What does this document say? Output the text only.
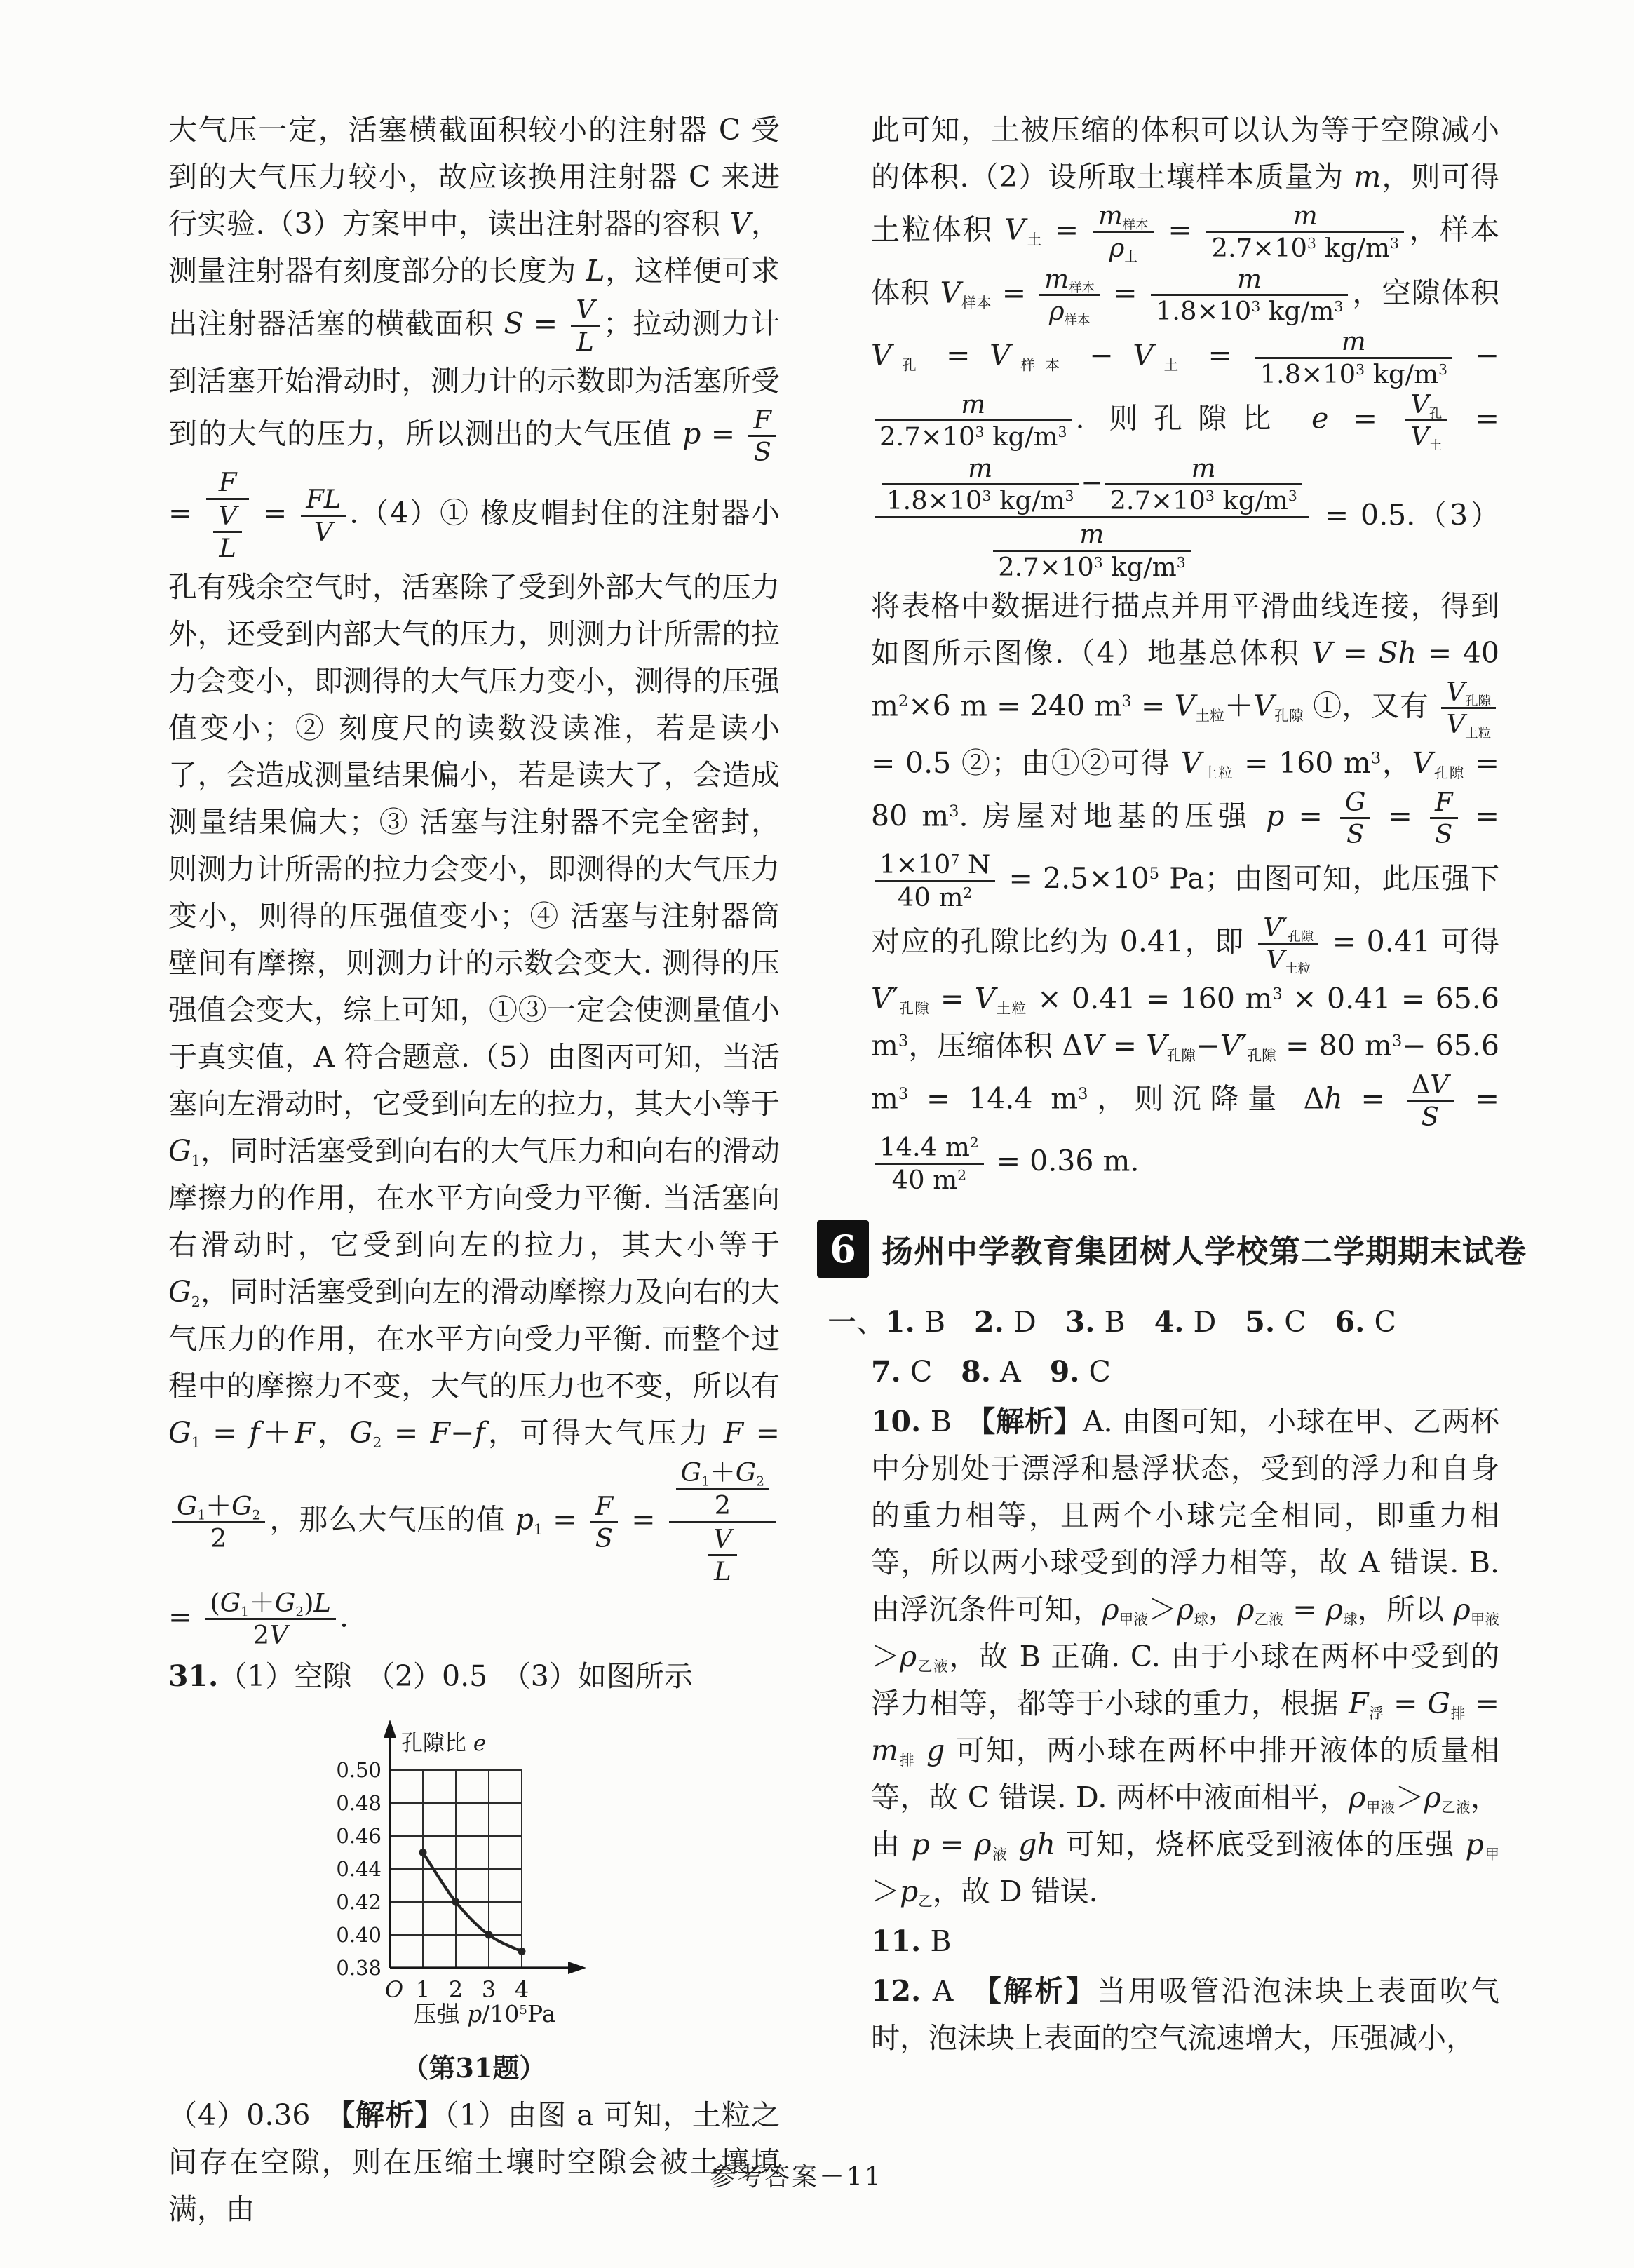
大气压一定，活塞横截面积较小的注射器 C 受到的大气压力较小，故应该换用注射器 C 来进行实验.（3）方案甲中，读出注射器的容积 V，测量注射器有刻度部分的长度为 L，这样便可求出注射器活塞的横截面积 $S = \frac{V}{L}$ ；拉动测力计到活塞开始滑动时，测力计的示数即为活塞所受到的大气的压力，所以测出的大气压值 $p = \frac{F}{S}$
= $\frac{F}{\frac{V}{L}} = \frac{FL}{V}$ .（4）① 橡皮帽封住的注射器小孔有残余空气时，活塞除了受到外部大气的压力外，还受到内部大气的压力，则测力计所需的拉力会变小，即测得的大气压力变小，测得的压强值变小；② 刻度尺的读数没读准，若是读小了，会造成测量结果偏小，若是读大了，会造成测量结果偏大；③ 活塞与注射器不完全密封，则测力计所需的拉力会变小，即测得的大气压力变小，则得的压强值变小；④ 活塞与注射器筒壁间有摩擦，则测力计的示数会变大. 测得的压强值会变大，综上可知，①③一定会使测量值小于真实值，A 符合题意.（5）由图丙可知，当活塞向左滑动时，它受到向左的拉力，其大小等于 $G_1$，同时活塞受到向右的大气压力和向右的滑动摩擦力的作用，在水平方向受力平衡. 当活塞向右滑动时，它受到向左的拉力，其大小等于 $G_2$，同时活塞受到向左的滑动摩擦力及向右的大气压力的作用，在水平方向受力平衡. 而整个过程中的摩擦力不变，大气的压力也不变，所以有 $G_1 = f+F$，$G_2 = F-f$，可得大气压力 F =
$\frac{G_1+G_2}{2}$ ，那么大气压的值 $p_1 = \frac{F}{S} = \frac{\frac{G_1+G_2}{2}}{\frac{V}{L}}$
= $\frac{(G_1+G_2)L}{2V}$ .

31.（1）空隙　（2）0.5　（3）如图所示

0.50
0.48
0.46
0.44
0.42
0.40
0.38
O 1 2 3 4
孔隙比 e
压强 $p/10^5Pa$
（第31题）

（4）0.36　【解析】（1）由图 a 可知，土粒之间存在空隙，则在压缩土壤时空隙会被土壤填满，由

此可知，土被压缩的体积可以认为等于空隙减小的体积.（2）设所取土壤样本质量为 m，则可得土粒体积 $V_土 = \frac{m_{样本}}{\rho_土} = \frac{m}{2.7\times 10^3 kg/m^3}$ ，样本体积 $V_{样本} = \frac{m_{样本}}{\rho_{样本}} = \frac{m}{1.8\times 10^3 kg/m^3}$ ，空隙体积 $V_孔 = V_{样本} - V_土 = \frac{m}{1.8\times 10^3 kg/m^3}$ −
$\frac{m}{2.7\times 10^3 kg/m^3}$ . 则孔隙比 $e = \frac{V_孔}{V_土}$ =
$\frac{\frac{m}{1.8\times 10^3 kg/m^3} - \frac{m}{2.7\times 10^3 kg/m^3}}{\frac{m}{2.7\times 10^3 kg/m^3}} = 0.5.(3)$将表格中数据进行描点并用平滑曲线连接，得到如图所示图像.（4）地基总体积 V = Sh = 40 $m^2\times 6$ m = 240 $m^3 = V_{土粒}+V_{孔隙}$ ①，又有 $\frac{V_{孔隙}}{V_{土粒}}$
= 0.5 ②；由①②可得 $V_{土粒} = 160$ $m^3$，$V_{孔隙} = 80$ $m^3$. 房屋对地基的压强 $p = \frac{G}{S} = \frac{F}{S}$ =
$\frac{1\times 10^7 N}{40 m^2} = 2.5\times 10^5$ Pa；由图可知，此压强下对应的孔隙比约为 0.41，即 $\frac{V'_{孔隙}}{V_{土粒}} = 0.41$ 可得 $V'_{孔隙} = V_{土粒} \times 0.41 = 160$ $m^3 \times 0.41 = 65.6$ $m^3$，压缩体积 $\Delta V = V_{孔隙}-V'_{孔隙} = 80$ $m^3- 65.6$ $m^3 = 14.4$ $m^3$，则沉降量 $\Delta h = \frac{\Delta V}{S}$ =
$\frac{14.4 m^2}{40 m^2} = 0.36$ m.

6 扬州中学教育集团树人学校第二学期期末试卷

一、1. B　2. D　3. B　4. D　5. C　6. C

7. C　8. A　9. C

10. B　【解析】A. 由图可知，小球在甲、乙两杯中分别处于漂浮和悬浮状态，受到的浮力和自身的重力相等，且两个小球完全相同，即重力相等，所以两小球受到的浮力相等，故 A 错误. B. 由浮沉条件可知，$\rho_{甲液}>\rho_球$，$\rho_{乙液} = \rho_球$，所以 $\rho_{甲液}>\rho_{乙液}$，故 B 正确. C. 由于小球在两杯中受到的浮力相等，都等于小球的重力，根据 $F_浮 = G_排 = m_排$ g 可知，两小球在两杯中排开液体的质量相等，故 C 错误. D. 两杯中液面相平，$\rho_{甲液}>\rho_{乙液}$，由 $p = \rho_液$ gh 可知，烧杯底受到液体的压强 $p_甲>p_乙$，故 D 错误.

11. B

12. A　【解析】当用吸管沿泡沫块上表面吹气时，泡沫块上表面的空气流速增大，压强减小，

参考答案－11
